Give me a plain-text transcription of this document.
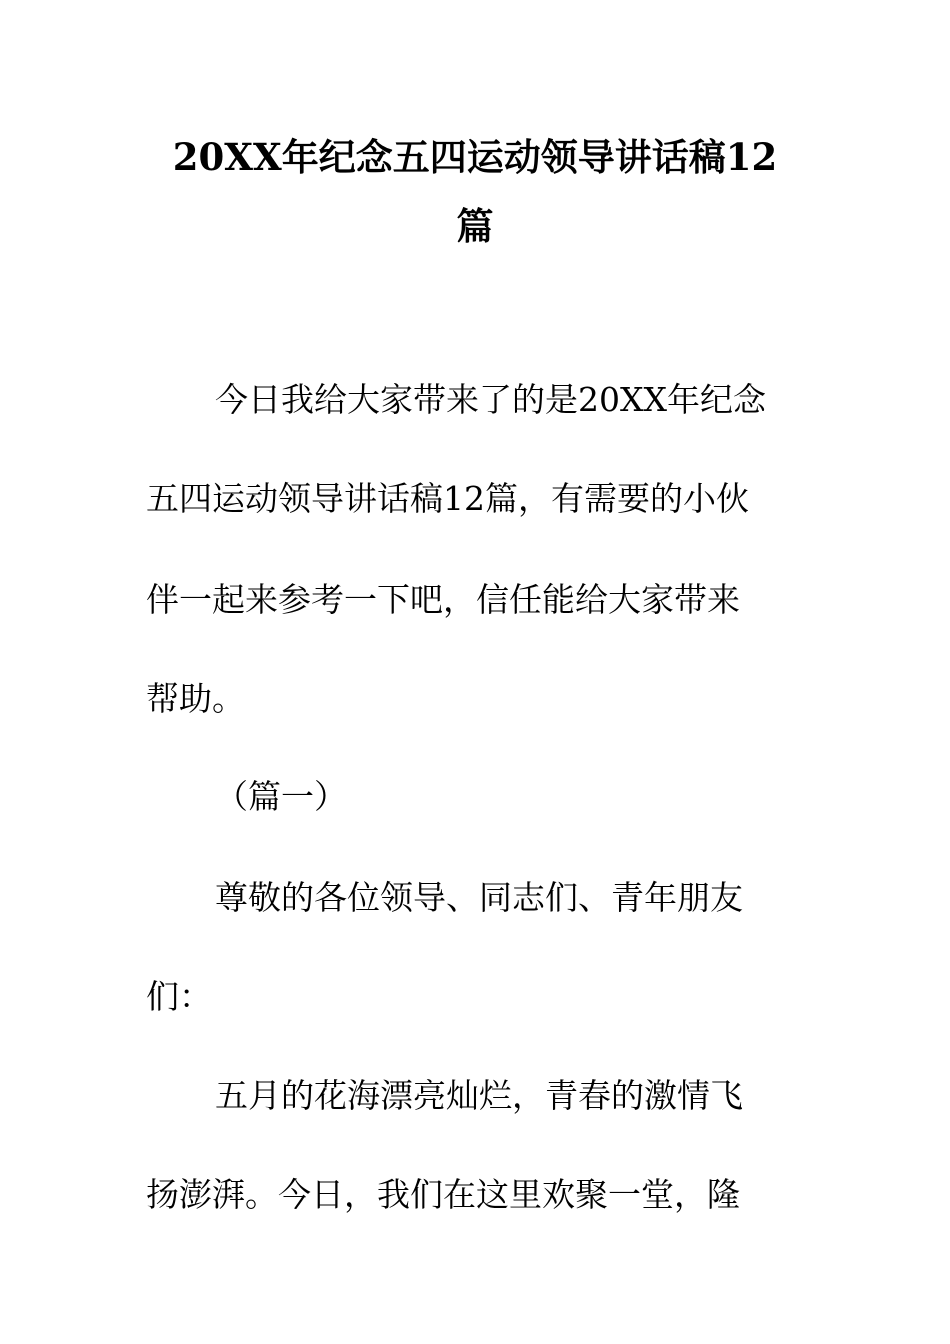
20XX年纪念五四运动领导讲话稿12
篇

今日我给大家带来了的是20XX年纪念

五四运动领导讲话稿12篇，有需要的小伙

伴一起来参考一下吧，信任能给大家带来

帮助。

（篇一）

尊敬的各位领导、同志们、青年朋友

们：

五月的花海漂亮灿烂，青春的激情飞

扬澎湃。今日，我们在这里欢聚一堂，隆
